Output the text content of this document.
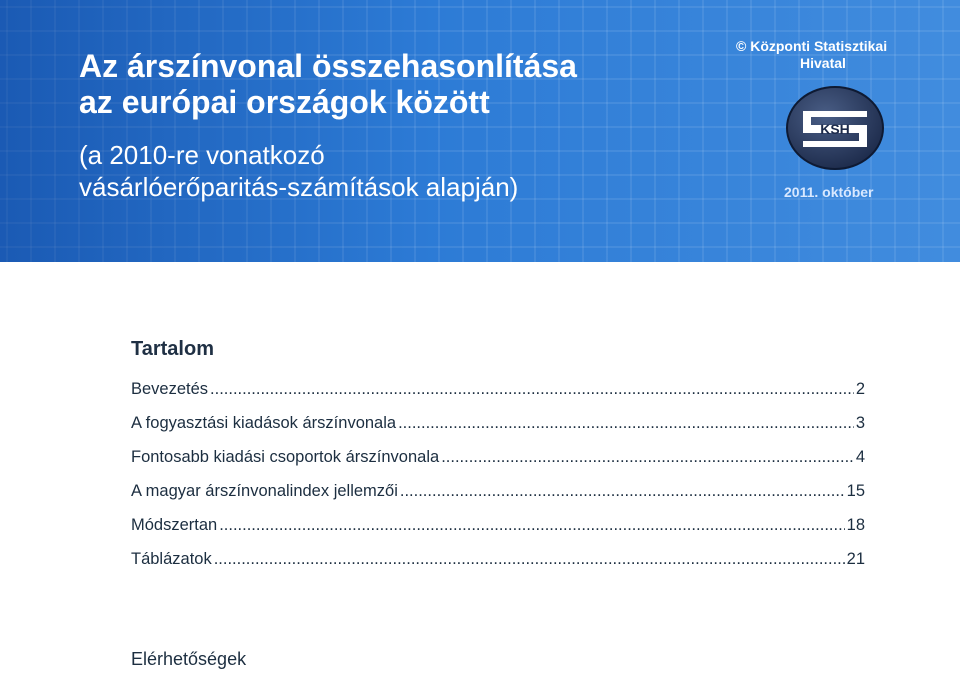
Az árszínvonal összehasonlítása
az európai országok között
(a 2010-re vonatkozó
vásárlóerőparitás-számítások alapján)
© Központi Statisztikai
Hivatal
KSH
2011. október
Tartalom
Bevezetés .....	2
A fogyasztási kiadások árszínvonala .....	3
Fontosabb kiadási csoportok árszínvonala .....	4
A magyar árszínvonalindex jellemzői .....	15
Módszertan .....	18
Táblázatok .....	21
Elérhetőségek
